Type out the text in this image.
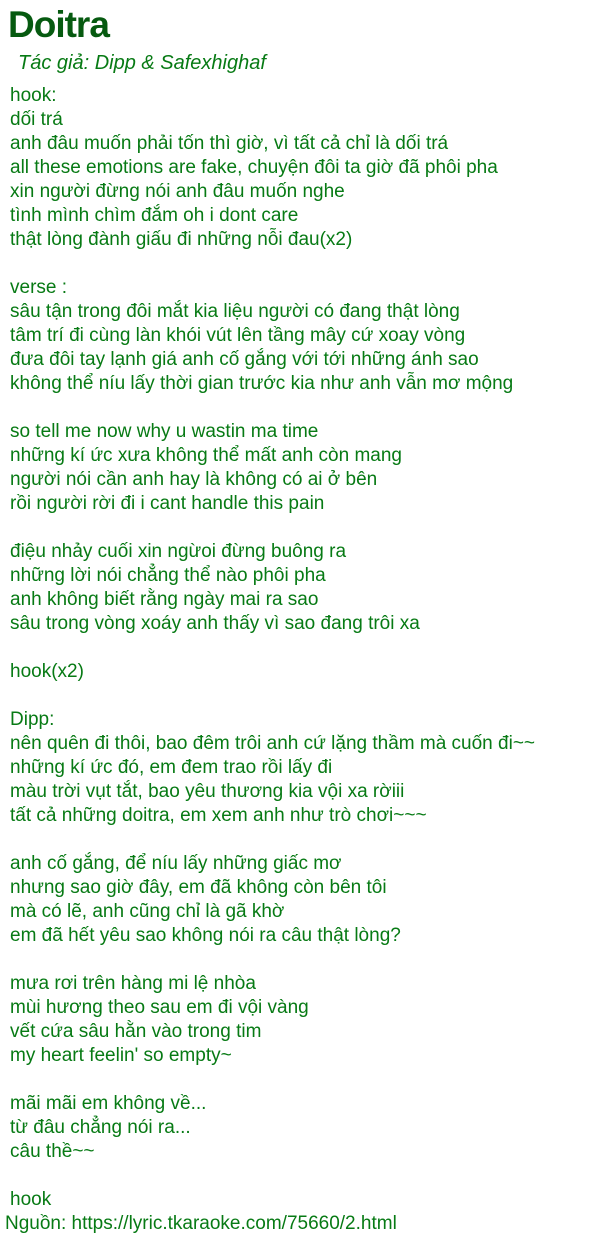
Doitra

Tác giả: Dipp & Safexhighaf

hook:

dối trá

anh đâu muốn phải tốn thì giờ, vì tất cả chỉ là dối trá

all these emotions are fake, chuyện đôi ta giờ đã phôi pha

xin người đừng nói anh đâu muốn nghe

tình mình chìm đắm oh i dont care

thật lòng đành giấu đi những nỗi đau(x2)

verse :

sâu tận trong đôi mắt kia liệu người có đang thật lòng

tâm trí đi cùng làn khói vút lên tầng mây cứ xoay vòng

đưa đôi tay lạnh giá anh cố gắng với tới những ánh sao

không thể níu lấy thời gian trước kia như anh vẫn mơ mộng

so tell me now why u wastin ma time

những kí ức xưa không thể mất anh còn mang

người nói cần anh hay là không có ai ở bên

rồi người rời đi i cant handle this pain

điệu nhảy cuối xin ngừoi đừng buông ra

những lời nói chẳng thể nào phôi pha

anh không biết rằng ngày mai ra sao

sâu trong vòng xoáy anh thấy vì sao đang trôi xa

hook(x2)

Dipp:

nên quên đi thôi, bao đêm trôi anh cứ lặng thầm mà cuốn đi~~

những kí ức đó, em đem trao rồi lấy đi

màu trời vụt tắt, bao yêu thương kia vội xa rờiii

tất cả những doitra, em xem anh như trò chơi~~~

anh cố gắng, để níu lấy những giấc mơ

nhưng sao giờ đây, em đã không còn bên tôi

mà có lẽ, anh cũng chỉ là gã khờ

em đã hết yêu sao không nói ra câu thật lòng?

mưa rơi trên hàng mi lệ nhòa

mùi hương theo sau em đi vội vàng

vết cứa sâu hằn vào trong tim

my heart feelin' so empty~

mãi mãi em không về...

từ đâu chẳng nói ra...

câu thề~~

hook

Nguồn: https://lyric.tkaraoke.com/75660/2.html
